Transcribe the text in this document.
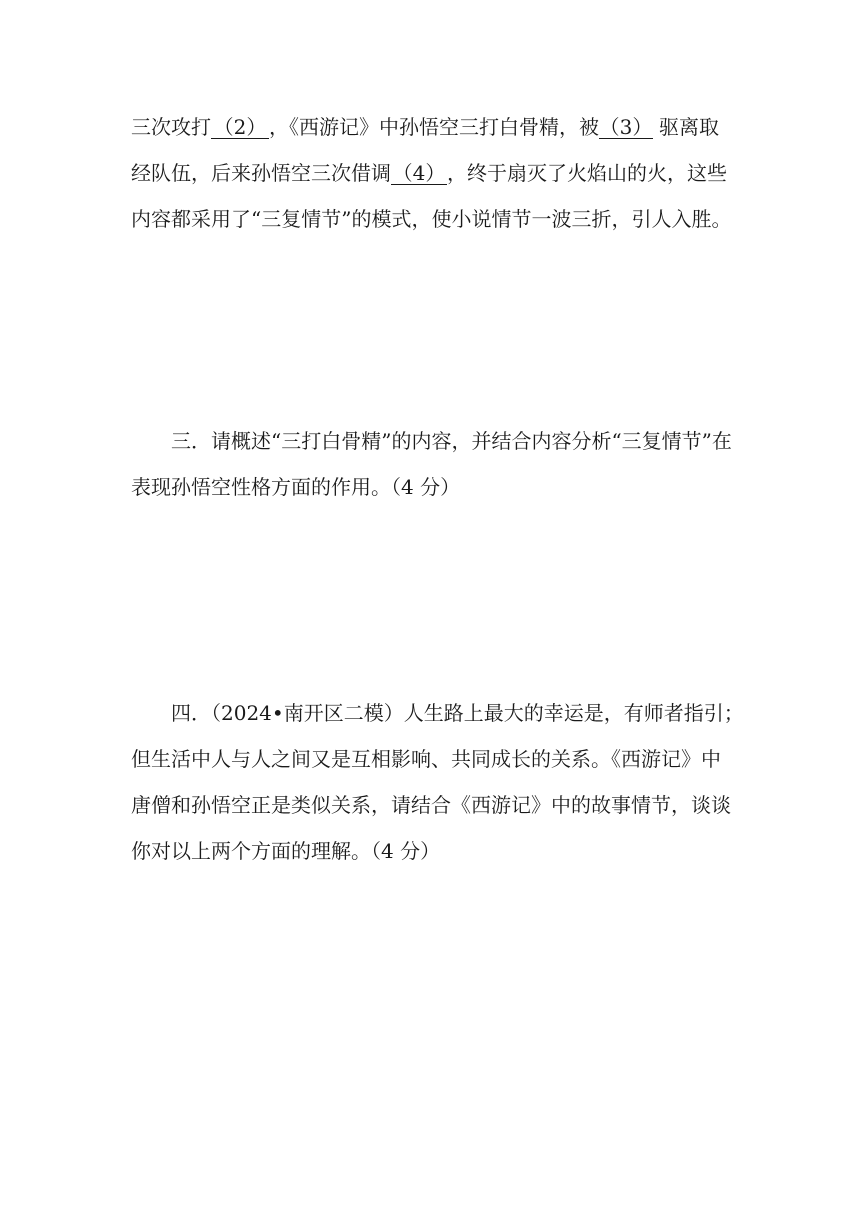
三次攻打 （2） ，《西游记》中孙悟空三打白骨精，被（3） 驱离取
经队伍，后来孙悟空三次借调（4），终于扇灭了火焰山的火，这些
内容都采用了“三复情节”的模式，使小说情节一波三折，引人入胜。
三．请概述“三打白骨精”的内容，并结合内容分析“三复情节”在
表现孙悟空性格方面的作用。（4 分）
四．（2024•南开区二模）人生路上最大的幸运是，有师者指引；
但生活中人与人之间又是互相影响、共同成长的关系。《西游记》中
唐僧和孙悟空正是类似关系，请结合《西游记》中的故事情节，谈谈
你对以上两个方面的理解。（4 分）
